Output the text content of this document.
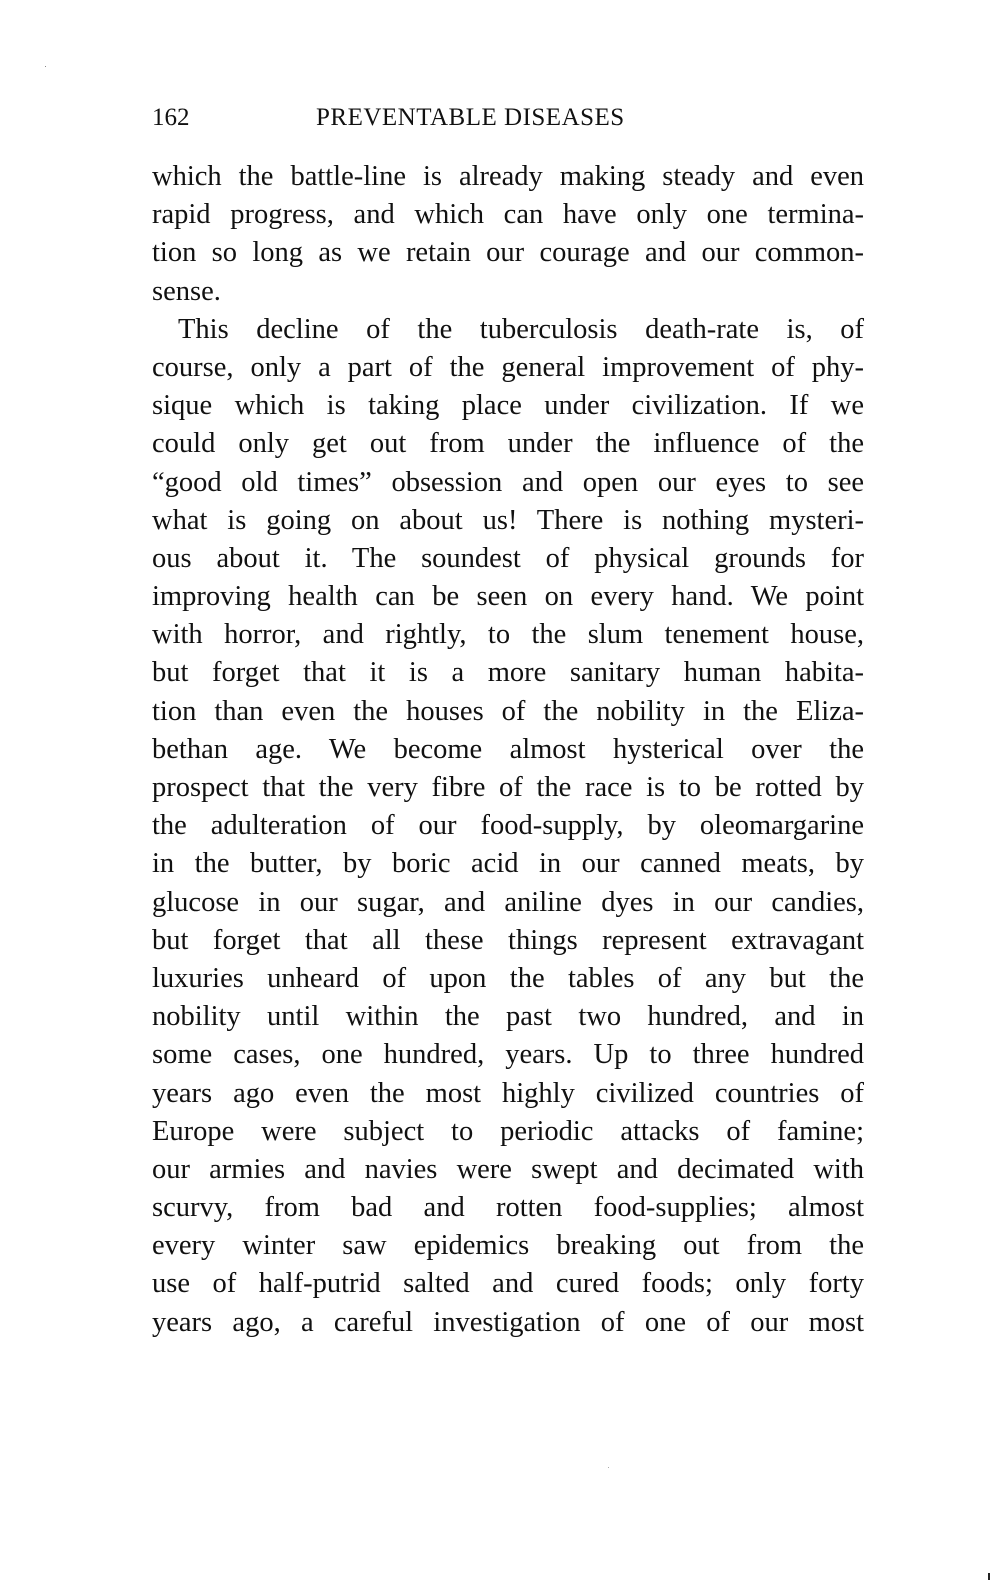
162	PREVENTABLE DISEASES
which the battle-line is already making steady and even
rapid progress, and which can have only one termina-
tion so long as we retain our courage and our common-
sense.
This decline of the tuberculosis death-rate is, of
course, only a part of the general improvement of phy-
sique which is taking place under civilization. If we
could only get out from under the influence of the
“good old times” obsession and open our eyes to see
what is going on about us! There is nothing mysteri-
ous about it. The soundest of physical grounds for
improving health can be seen on every hand. We point
with horror, and rightly, to the slum tenement house,
but forget that it is a more sanitary human habita-
tion than even the houses of the nobility in the Eliza-
bethan age. We become almost hysterical over the
prospect that the very fibre of the race is to be rotted by
the adulteration of our food-supply, by oleomargarine
in the butter, by boric acid in our canned meats, by
glucose in our sugar, and aniline dyes in our candies,
but forget that all these things represent extravagant
luxuries unheard of upon the tables of any but the
nobility until within the past two hundred, and in
some cases, one hundred, years. Up to three hundred
years ago even the most highly civilized countries of
Europe were subject to periodic attacks of famine;
our armies and navies were swept and decimated with
scurvy, from bad and rotten food-supplies; almost
every winter saw epidemics breaking out from the
use of half-putrid salted and cured foods; only forty
years ago, a careful investigation of one of our most
